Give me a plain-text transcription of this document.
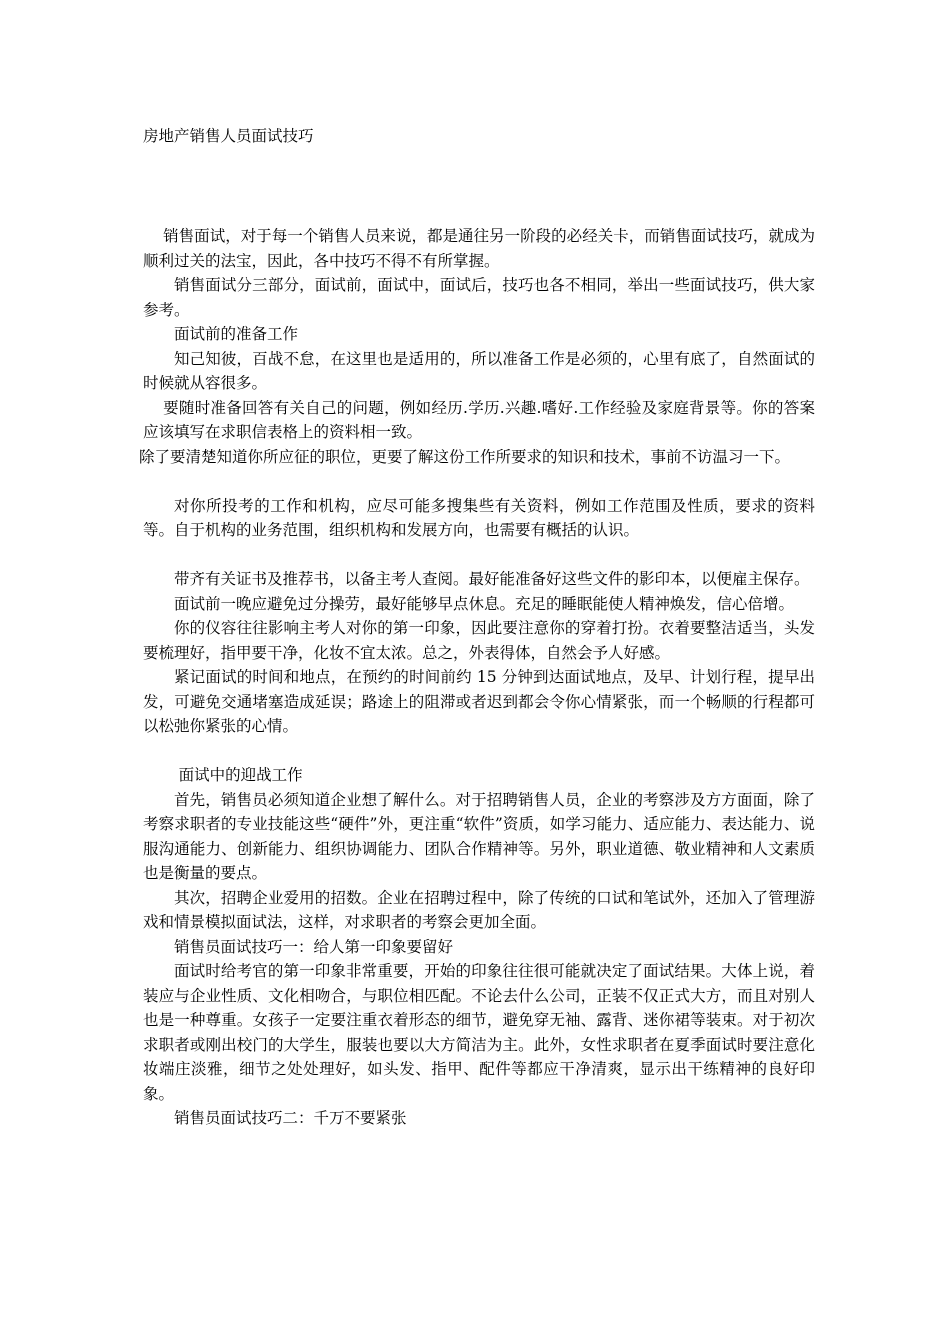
房地产销售人员面试技巧

销售面试，对于每一个销售人员来说，都是通往另一阶段的必经关卡，而销售面试技巧，就成为顺利过关的法宝，因此，各中技巧不得不有所掌握。

销售面试分三部分，面试前，面试中，面试后，技巧也各不相同，举出一些面试技巧，供大家参考。

面试前的准备工作

知己知彼，百战不怠，在这里也是适用的，所以准备工作是必须的，心里有底了，自然面试的时候就从容很多。

要随时准备回答有关自己的问题，例如经历.学历.兴趣.嗜好.工作经验及家庭背景等。你的答案应该填写在求职信表格上的资料相一致。

除了要清楚知道你所应征的职位，更要了解这份工作所要求的知识和技术，事前不访温习一下。

对你所投考的工作和机构，应尽可能多搜集些有关资料，例如工作范围及性质，要求的资料等。自于机构的业务范围，组织机构和发展方向，也需要有概括的认识。

带齐有关证书及推荐书，以备主考人查阅。最好能准备好这些文件的影印本，以便雇主保存。

面试前一晚应避免过分操劳，最好能够早点休息。充足的睡眠能使人精神焕发，信心倍增。

你的仪容往往影响主考人对你的第一印象，因此要注意你的穿着打扮。衣着要整洁适当，头发要梳理好，指甲要干净，化妆不宜太浓。总之，外表得体，自然会予人好感。

紧记面试的时间和地点，在预约的时间前约 15 分钟到达面试地点，及早、计划行程，提早出发，可避免交通堵塞造成延误；路途上的阻滞或者迟到都会令你心情紧张，而一个畅顺的行程都可以松弛你紧张的心情。

面试中的迎战工作

首先，销售员必须知道企业想了解什么。对于招聘销售人员，企业的考察涉及方方面面，除了考察求职者的专业技能这些“硬件”外，更注重“软件”资质，如学习能力、适应能力、表达能力、说服沟通能力、创新能力、组织协调能力、团队合作精神等。另外，职业道德、敬业精神和人文素质也是衡量的要点。

其次，招聘企业爱用的招数。企业在招聘过程中，除了传统的口试和笔试外，还加入了管理游戏和情景模拟面试法，这样，对求职者的考察会更加全面。

销售员面试技巧一：给人第一印象要留好

面试时给考官的第一印象非常重要，开始的印象往往很可能就决定了面试结果。大体上说，着装应与企业性质、文化相吻合，与职位相匹配。不论去什么公司，正装不仅正式大方，而且对别人也是一种尊重。女孩子一定要注重衣着形态的细节，避免穿无袖、露背、迷你裙等装束。对于初次求职者或刚出校门的大学生，服装也要以大方简洁为主。此外，女性求职者在夏季面试时要注意化妆端庄淡雅，细节之处处理好，如头发、指甲、配件等都应干净清爽，显示出干练精神的良好印象。

销售员面试技巧二：千万不要紧张
